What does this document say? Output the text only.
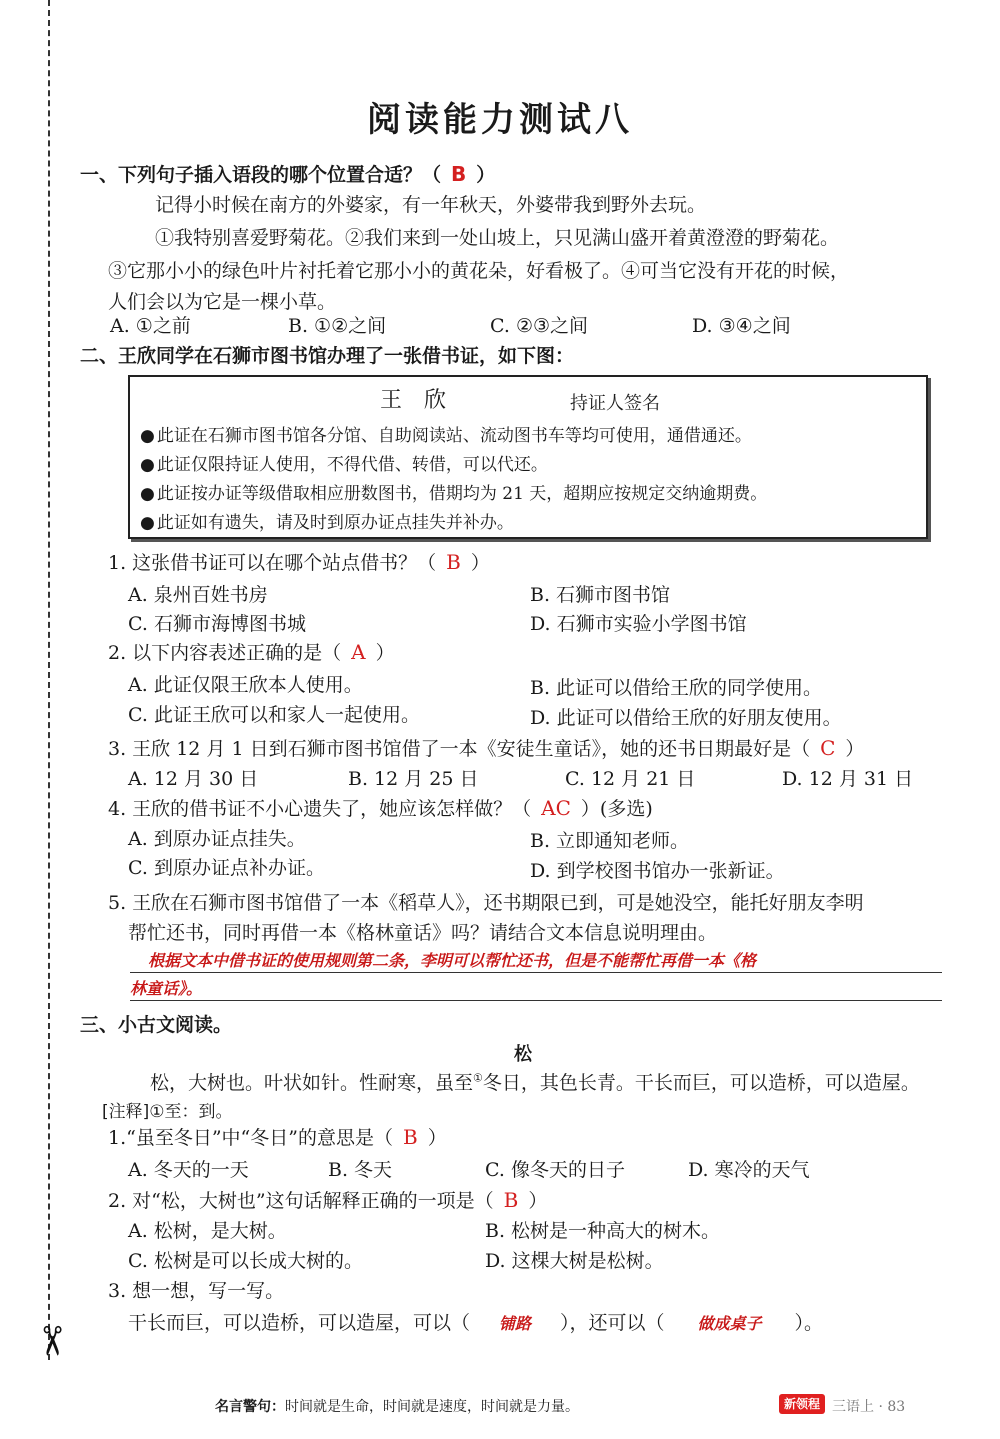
✂
阅读能力测试八
一、下列句子插入语段的哪个位置合适？（ B ）
记得小时候在南方的外婆家，有一年秋天，外婆带我到野外去玩。
①我特别喜爱野菊花。②我们来到一处山坡上，只见满山盛开着黄澄澄的野菊花。
③它那小小的绿色叶片衬托着它那小小的黄花朵，好看极了。④可当它没有开花的时候，
人们会以为它是一棵小草。
A. ①之前	B. ①②之间	C. ②③之间	D. ③④之间
二、王欣同学在石狮市图书馆办理了一张借书证，如下图：
王　欣	持证人签名
● 此证在石狮市图书馆各分馆、自助阅读站、流动图书车等均可使用，通借通还。
● 此证仅限持证人使用，不得代借、转借，可以代还。
● 此证按办证等级借取相应册数图书，借期均为 21 天，超期应按规定交纳逾期费。
● 此证如有遗失，请及时到原办证点挂失并补办。
1. 这张借书证可以在哪个站点借书？（ B ）
A. 泉州百姓书房	B. 石狮市图书馆
C. 石狮市海博图书城	D. 石狮市实验小学图书馆
2. 以下内容表述正确的是（ A ）
A. 此证仅限王欣本人使用。	B. 此证可以借给王欣的同学使用。
C. 此证王欣可以和家人一起使用。	D. 此证可以借给王欣的好朋友使用。
3. 王欣 12 月 1 日到石狮市图书馆借了一本《安徒生童话》，她的还书日期最好是（ C ）
A. 12 月 30 日	B. 12 月 25 日	C. 12 月 21 日	D. 12 月 31 日
4. 王欣的借书证不小心遗失了，她应该怎样做？（ AC ）(多选)
A. 到原办证点挂失。	B. 立即通知老师。
C. 到原办证点补办证。	D. 到学校图书馆办一张新证。
5. 王欣在石狮市图书馆借了一本《稻草人》，还书期限已到，可是她没空，能托好朋友李明
帮忙还书，同时再借一本《格林童话》吗？请结合文本信息说明理由。
根据文本中借书证的使用规则第二条，李明可以帮忙还书，但是不能帮忙再借一本《格
林童话》。
三、小古文阅读。
松
松，大树也。叶状如针。性耐寒，虽至①冬日，其色长青。干长而巨，可以造桥，可以造屋。
[注释]①至：到。
1.“虽至冬日”中“冬日”的意思是（ B ）
A. 冬天的一天	B. 冬天	C. 像冬天的日子	D. 寒冷的天气
2. 对“松，大树也”这句话解释正确的一项是（ B ）
A. 松树，是大树。	B. 松树是一种高大的树木。
C. 松树是可以长成大树的。	D. 这棵大树是松树。
3. 想一想，写一写。
干长而巨，可以造桥，可以造屋，可以（ 铺路 ），还可以（ 做成桌子 ）。
名言警句：时间就是生命，时间就是速度，时间就是力量。	新领程 三语上 · 83
